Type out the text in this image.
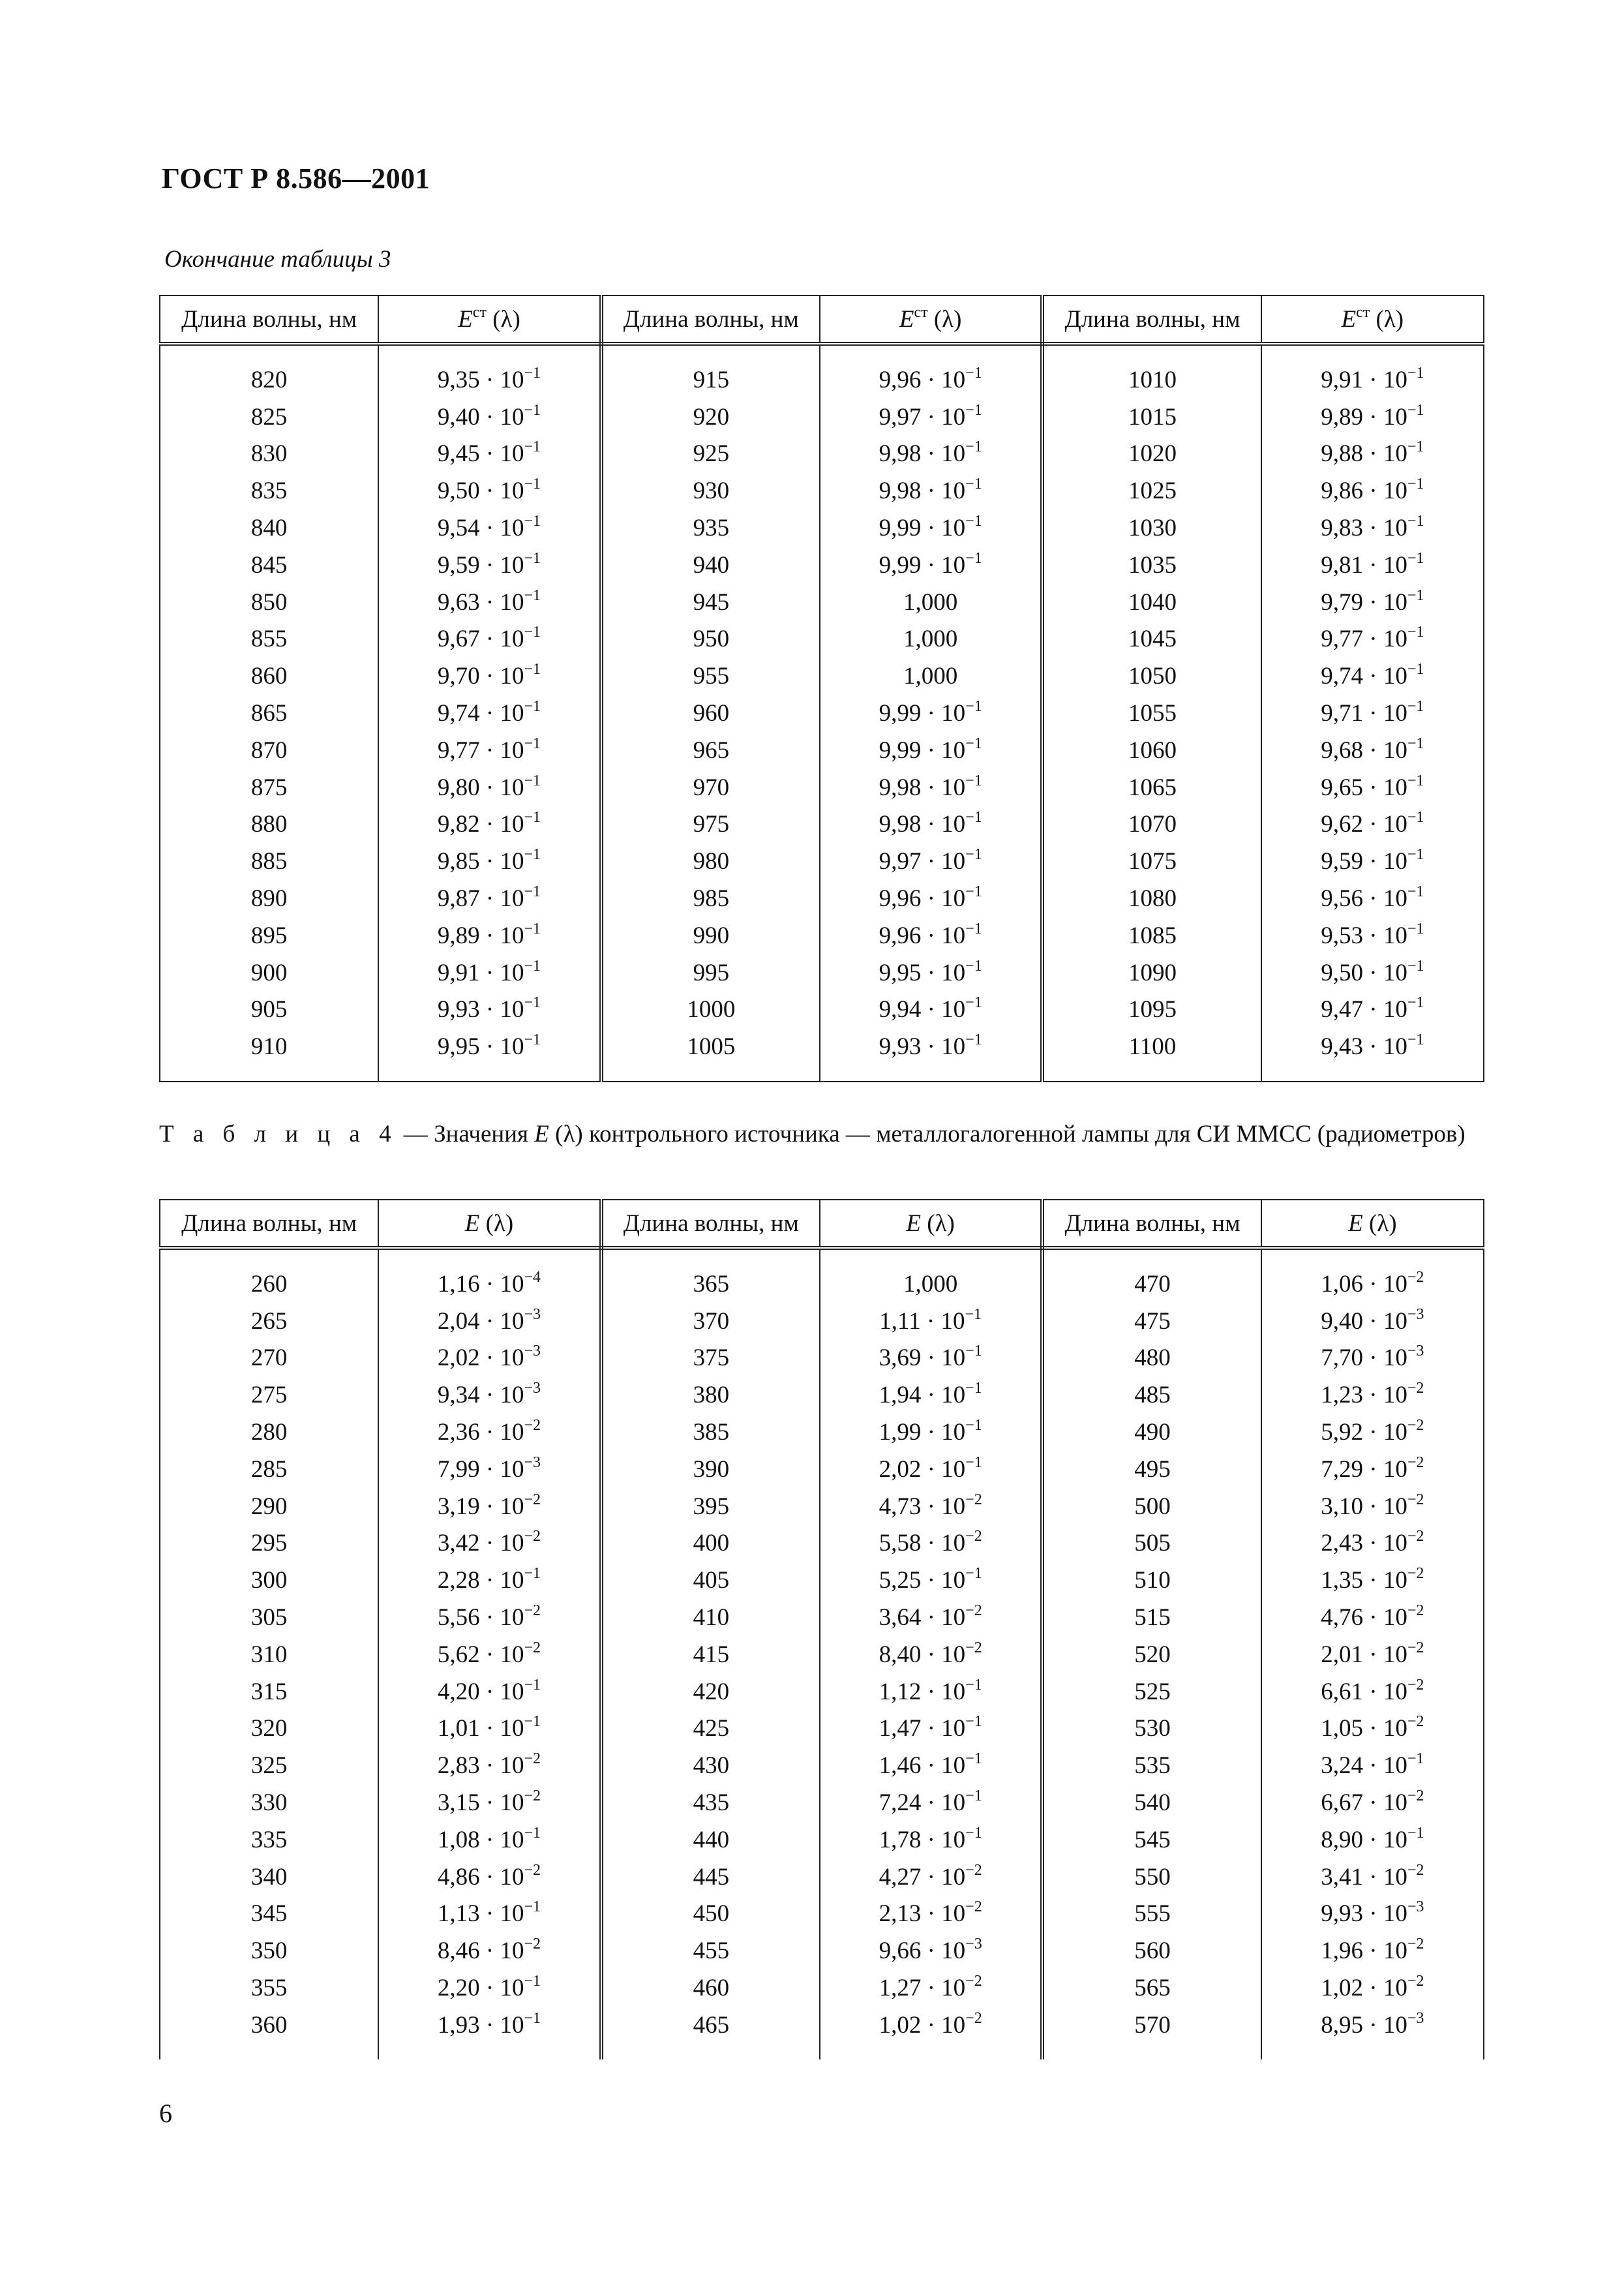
ГОСТ Р 8.586—2001
Окончание таблицы 3
Длина волны, нм	$E^{ст}$ (λ)	Длина волны, нм	$E^{ст}$ (λ)	Длина волны, нм	$E^{ст}$ (λ)

820	$9,35 \cdot 10^{-1}$	915	$9,96 \cdot 10^{-1}$	1010	$9,91 \cdot 10^{-1}$
825	$9,40 \cdot 10^{-1}$	920	$9,97 \cdot 10^{-1}$	1015	$9,89 \cdot 10^{-1}$
830	$9,45 \cdot 10^{-1}$	925	$9,98 \cdot 10^{-1}$	1020	$9,88 \cdot 10^{-1}$
835	$9,50 \cdot 10^{-1}$	930	$9,98 \cdot 10^{-1}$	1025	$9,86 \cdot 10^{-1}$
840	$9,54 \cdot 10^{-1}$	935	$9,99 \cdot 10^{-1}$	1030	$9,83 \cdot 10^{-1}$
845	$9,59 \cdot 10^{-1}$	940	$9,99 \cdot 10^{-1}$	1035	$9,81 \cdot 10^{-1}$
850	$9,63 \cdot 10^{-1}$	945	1,000	1040	$9,79 \cdot 10^{-1}$
855	$9,67 \cdot 10^{-1}$	950	1,000	1045	$9,77 \cdot 10^{-1}$
860	$9,70 \cdot 10^{-1}$	955	1,000	1050	$9,74 \cdot 10^{-1}$
865	$9,74 \cdot 10^{-1}$	960	$9,99 \cdot 10^{-1}$	1055	$9,71 \cdot 10^{-1}$
870	$9,77 \cdot 10^{-1}$	965	$9,99 \cdot 10^{-1}$	1060	$9,68 \cdot 10^{-1}$
875	$9,80 \cdot 10^{-1}$	970	$9,98 \cdot 10^{-1}$	1065	$9,65 \cdot 10^{-1}$
880	$9,82 \cdot 10^{-1}$	975	$9,98 \cdot 10^{-1}$	1070	$9,62 \cdot 10^{-1}$
885	$9,85 \cdot 10^{-1}$	980	$9,97 \cdot 10^{-1}$	1075	$9,59 \cdot 10^{-1}$
890	$9,87 \cdot 10^{-1}$	985	$9,96 \cdot 10^{-1}$	1080	$9,56 \cdot 10^{-1}$
895	$9,89 \cdot 10^{-1}$	990	$9,96 \cdot 10^{-1}$	1085	$9,53 \cdot 10^{-1}$
900	$9,91 \cdot 10^{-1}$	995	$9,95 \cdot 10^{-1}$	1090	$9,50 \cdot 10^{-1}$
905	$9,93 \cdot 10^{-1}$	1000	$9,94 \cdot 10^{-1}$	1095	$9,47 \cdot 10^{-1}$
910	$9,95 \cdot 10^{-1}$	1005	$9,93 \cdot 10^{-1}$	1100	$9,43 \cdot 10^{-1}$

Т а б л и ц а 4 — Значения E (λ) контрольного источника — металлогалогенной лампы для СИ ММСС (радиометров)
Длина волны, нм	E (λ)	Длина волны, нм	E (λ)	Длина волны, нм	E (λ)

260	$1,16 \cdot 10^{-4}$	365	1,000	470	$1,06 \cdot 10^{-2}$
265	$2,04 \cdot 10^{-3}$	370	$1,11 \cdot 10^{-1}$	475	$9,40 \cdot 10^{-3}$
270	$2,02 \cdot 10^{-3}$	375	$3,69 \cdot 10^{-1}$	480	$7,70 \cdot 10^{-3}$
275	$9,34 \cdot 10^{-3}$	380	$1,94 \cdot 10^{-1}$	485	$1,23 \cdot 10^{-2}$
280	$2,36 \cdot 10^{-2}$	385	$1,99 \cdot 10^{-1}$	490	$5,92 \cdot 10^{-2}$
285	$7,99 \cdot 10^{-3}$	390	$2,02 \cdot 10^{-1}$	495	$7,29 \cdot 10^{-2}$
290	$3,19 \cdot 10^{-2}$	395	$4,73 \cdot 10^{-2}$	500	$3,10 \cdot 10^{-2}$
295	$3,42 \cdot 10^{-2}$	400	$5,58 \cdot 10^{-2}$	505	$2,43 \cdot 10^{-2}$
300	$2,28 \cdot 10^{-1}$	405	$5,25 \cdot 10^{-1}$	510	$1,35 \cdot 10^{-2}$
305	$5,56 \cdot 10^{-2}$	410	$3,64 \cdot 10^{-2}$	515	$4,76 \cdot 10^{-2}$
310	$5,62 \cdot 10^{-2}$	415	$8,40 \cdot 10^{-2}$	520	$2,01 \cdot 10^{-2}$
315	$4,20 \cdot 10^{-1}$	420	$1,12 \cdot 10^{-1}$	525	$6,61 \cdot 10^{-2}$
320	$1,01 \cdot 10^{-1}$	425	$1,47 \cdot 10^{-1}$	530	$1,05 \cdot 10^{-2}$
325	$2,83 \cdot 10^{-2}$	430	$1,46 \cdot 10^{-1}$	535	$3,24 \cdot 10^{-1}$
330	$3,15 \cdot 10^{-2}$	435	$7,24 \cdot 10^{-1}$	540	$6,67 \cdot 10^{-2}$
335	$1,08 \cdot 10^{-1}$	440	$1,78 \cdot 10^{-1}$	545	$8,90 \cdot 10^{-1}$
340	$4,86 \cdot 10^{-2}$	445	$4,27 \cdot 10^{-2}$	550	$3,41 \cdot 10^{-2}$
345	$1,13 \cdot 10^{-1}$	450	$2,13 \cdot 10^{-2}$	555	$9,93 \cdot 10^{-3}$
350	$8,46 \cdot 10^{-2}$	455	$9,66 \cdot 10^{-3}$	560	$1,96 \cdot 10^{-2}$
355	$2,20 \cdot 10^{-1}$	460	$1,27 \cdot 10^{-2}$	565	$1,02 \cdot 10^{-2}$
360	$1,93 \cdot 10^{-1}$	465	$1,02 \cdot 10^{-2}$	570	$8,95 \cdot 10^{-3}$

6
